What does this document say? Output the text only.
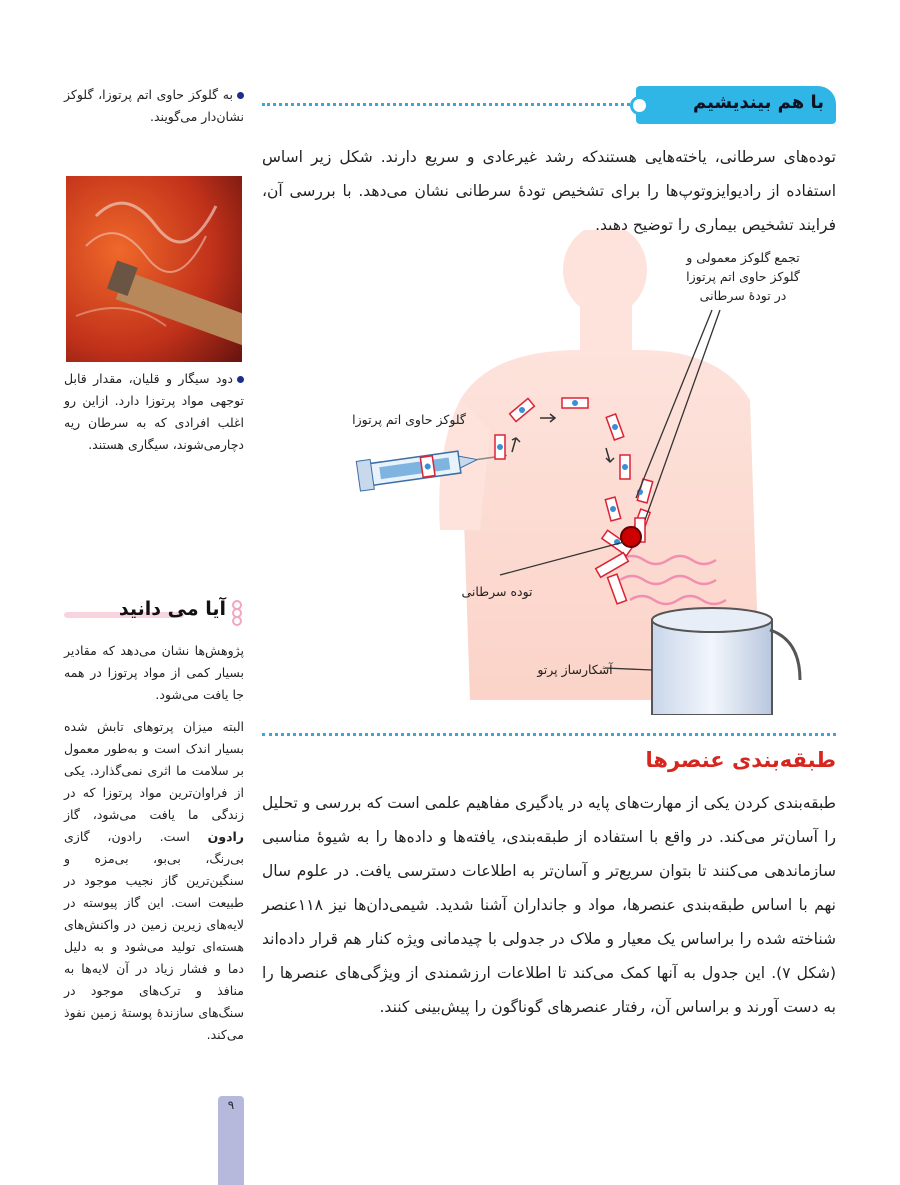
با هم بیندیشیم
توده‌های سرطانی، یاخته‌هایی هستندکه رشد غیرعادی و سریع دارند. شکل زیر اساس استفاده از رادیوایزوتوپ‌ها را برای تشخیص تودۀ سرطانی نشان می‌دهد. با بررسی آن، فرایند تشخیص بیماری را توضیح دهید.
تجمع گلوکز معمولی و
گلوکز حاوی اتم پرتوزا
در تودۀ سرطانی
گلوکز حاوی اتم پرتوزا
توده سرطانی
آشکارساز پرتو
طبقه‌بندی عنصرها
طبقه‌بندی کردن یکی از مهارت‌های پایه در یادگیری مفاهیم علمی است که بررسی و تحلیل را آسان‌تر می‌کند. در واقع با استفاده از طبقه‌بندی، یافته‌ها و داده‌ها را به شیوۀ مناسبی سازماندهی می‌کنند تا بتوان سریع‌تر و آسان‌تر به اطلاعات دسترسی یافت. در علوم سال نهم با اساس طبقه‌بندی عنصرها، مواد و جانداران آشنا شدید. شیمی‌دان‌ها نیز ۱۱۸عنصر شناخته شده را براساس یک معیار و ملاک در جدولی با چیدمانی ویژه کنار هم قرار داده‌اند (شکل ۷). این جدول به آنها کمک می‌کند تا اطلاعات ارزشمندی از ویژگی‌های عنصرها را به دست آورند و براساس آن، رفتار عنصرهای گوناگون را پیش‌بینی کنند.
به گلوکز حاوی اتم پرتوزا، گلوکز نشان‌دار می‌گویند.
دود سیگار و قلیان، مقدار قابل توجهی مواد پرتوزا دارد. ازاین رو اغلب افرادی که به سرطان ریه دچارمی‌شوند، سیگاری هستند.
آیا می دانید
پژوهش‌ها نشان می‌دهد که مقادیر بسیار کمی از مواد پرتوزا در همه جا یافت می‌شود.
البته میزان پرتوهای تابش شده بسیار اندک است و به‌طور معمول بر سلامت ما اثری نمی‌گذارد. یکی از فراوان‌ترین مواد پرتوزا که در زندگی ما یافت می‌شود، گاز رادون است. رادون، گازی بی‌رنگ، بی‌بو، بی‌مزه و سنگین‌ترین گاز نجیب موجود در طبیعت است. این گاز پیوسته در لایه‌های زیرین زمین در واکنش‌های هسته‌ای تولید می‌شود و به دلیل دما و فشار زیاد در آن لایه‌ها به منافذ و ترک‌های موجود در سنگ‌های سازندۀ پوستۀ زمین نفوذ می‌کند.
۹
